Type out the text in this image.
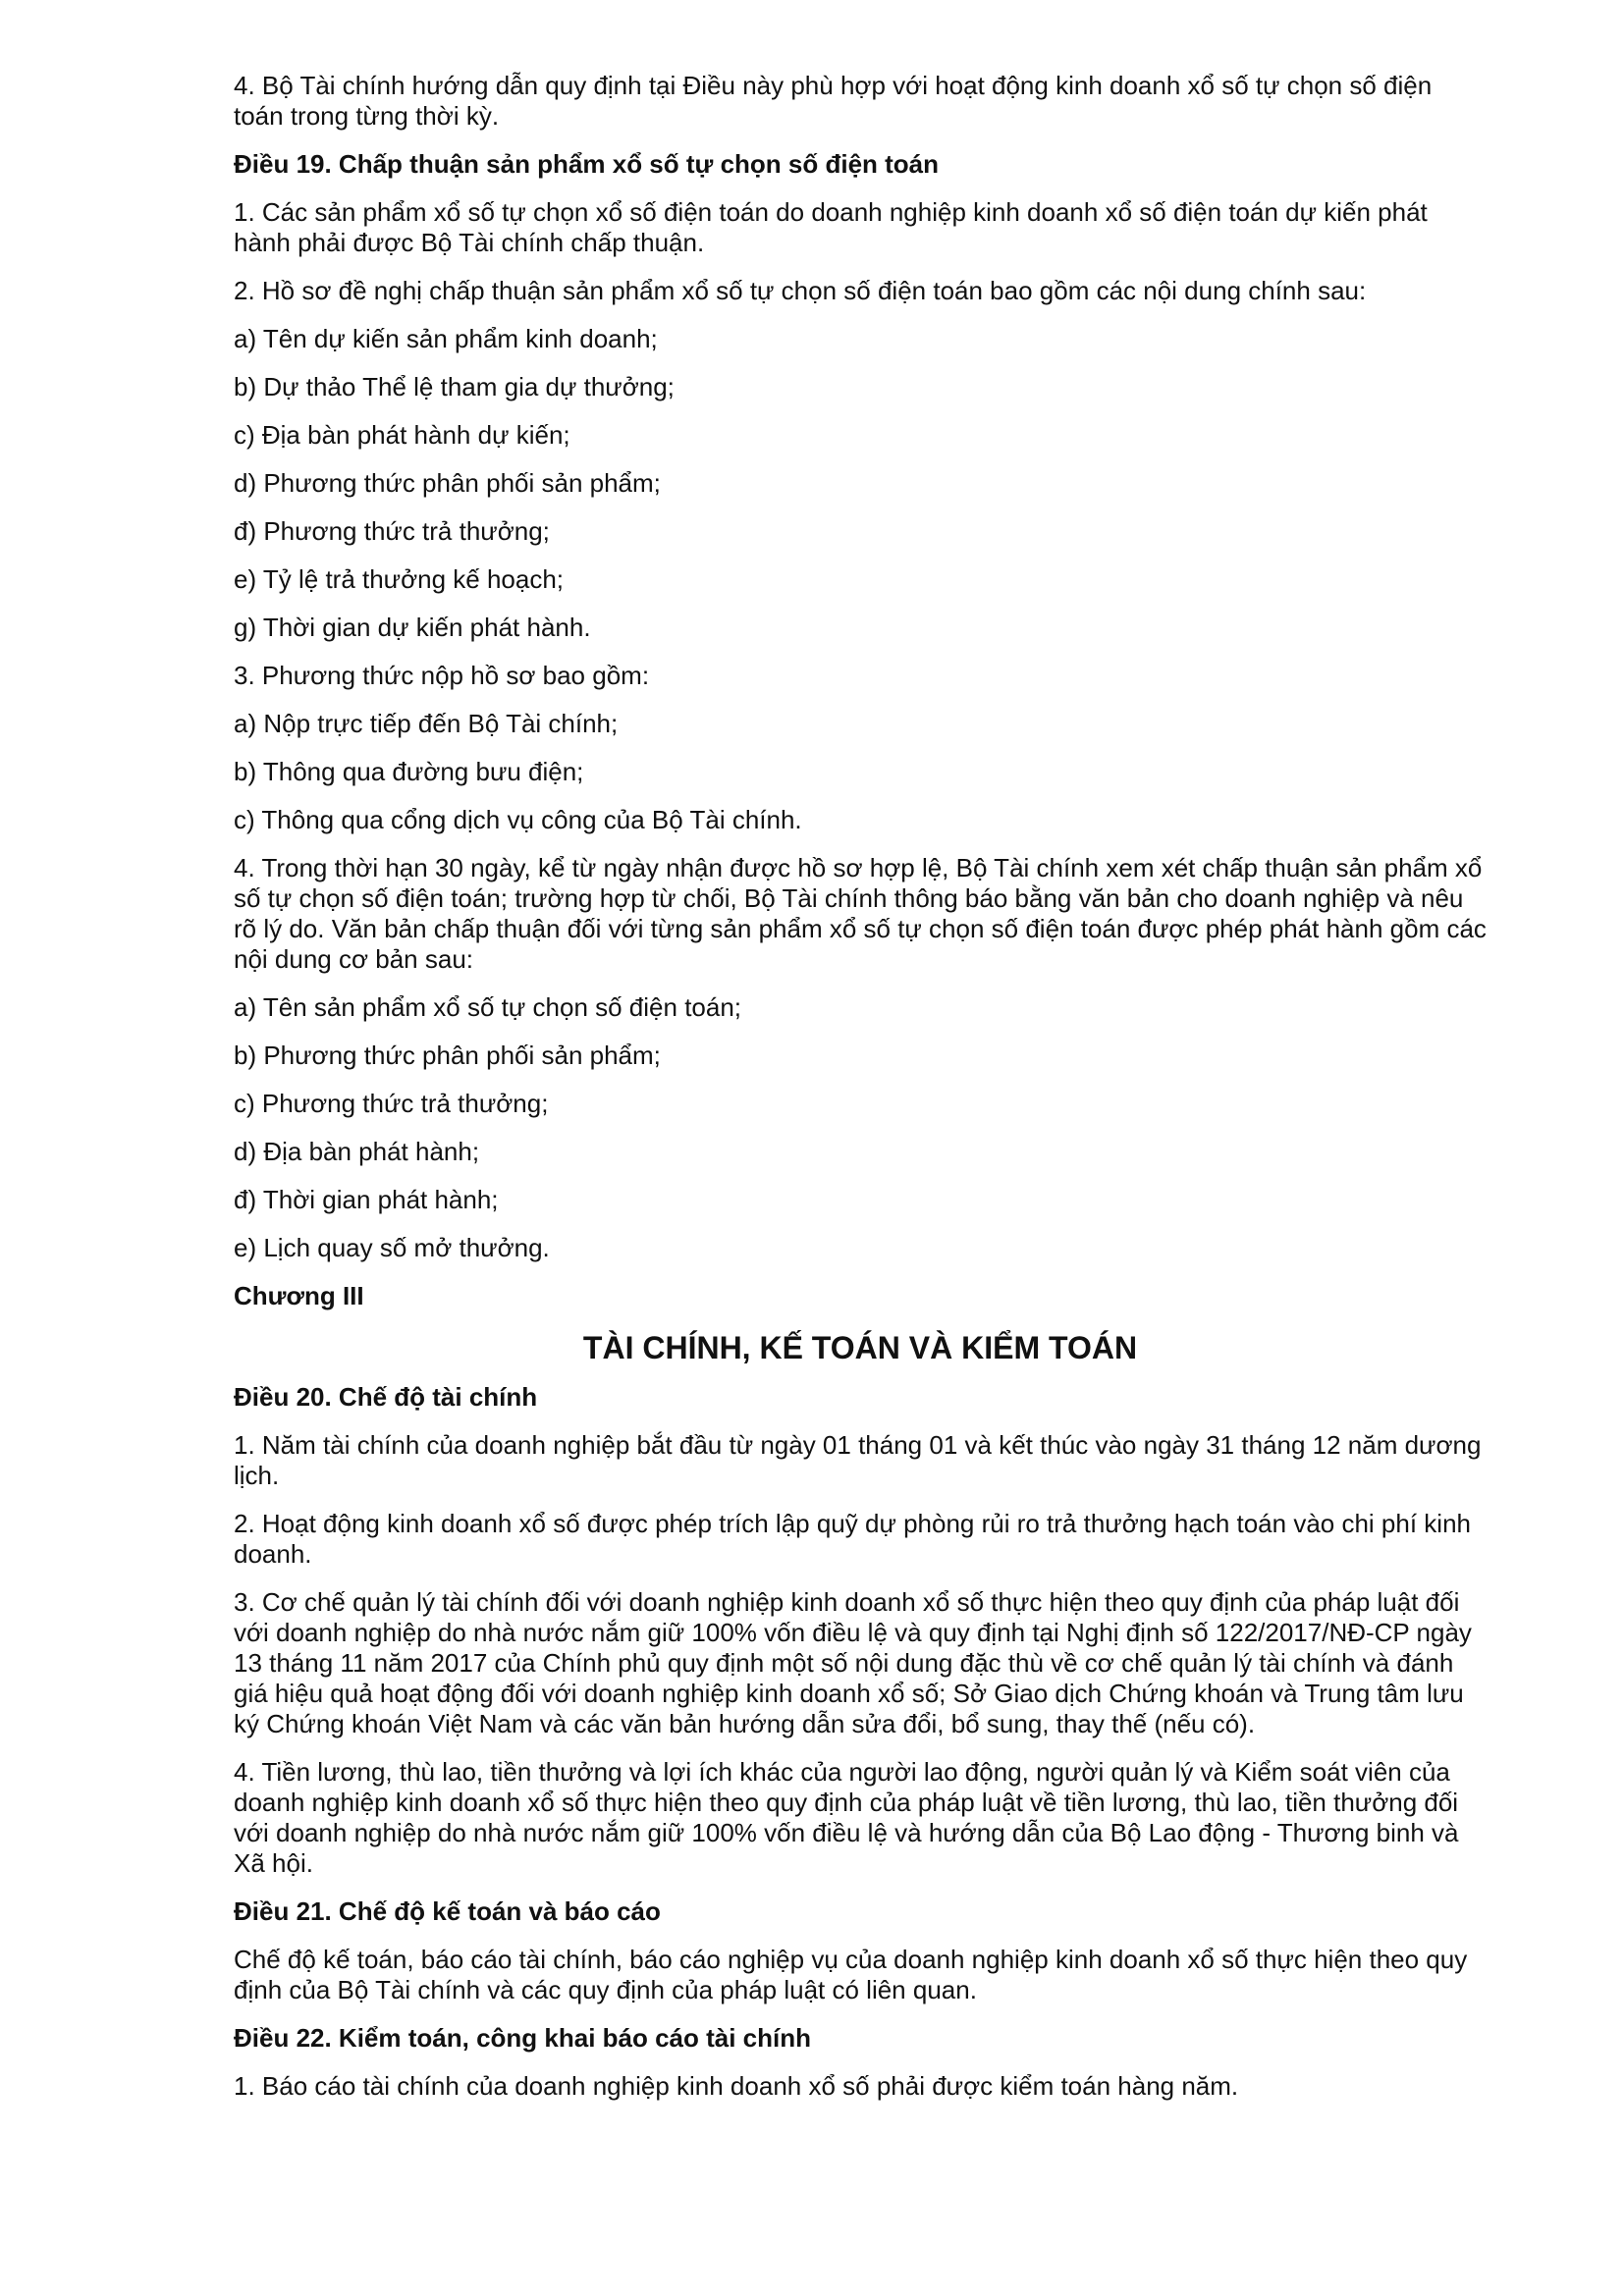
4. Bộ Tài chính hướng dẫn quy định tại Điều này phù hợp với hoạt động kinh doanh xổ số tự chọn số điện toán trong từng thời kỳ.
Điều 19. Chấp thuận sản phẩm xổ số tự chọn số điện toán
1. Các sản phẩm xổ số tự chọn xổ số điện toán do doanh nghiệp kinh doanh xổ số điện toán dự kiến phát hành phải được Bộ Tài chính chấp thuận.
2. Hồ sơ đề nghị chấp thuận sản phẩm xổ số tự chọn số điện toán bao gồm các nội dung chính sau:
a) Tên dự kiến sản phẩm kinh doanh;
b) Dự thảo Thể lệ tham gia dự thưởng;
c) Địa bàn phát hành dự kiến;
d) Phương thức phân phối sản phẩm;
đ) Phương thức trả thưởng;
e) Tỷ lệ trả thưởng kế hoạch;
g) Thời gian dự kiến phát hành.
3. Phương thức nộp hồ sơ bao gồm:
a) Nộp trực tiếp đến Bộ Tài chính;
b) Thông qua đường bưu điện;
c) Thông qua cổng dịch vụ công của Bộ Tài chính.
4. Trong thời hạn 30 ngày, kể từ ngày nhận được hồ sơ hợp lệ, Bộ Tài chính xem xét chấp thuận sản phẩm xổ số tự chọn số điện toán; trường hợp từ chối, Bộ Tài chính thông báo bằng văn bản cho doanh nghiệp và nêu rõ lý do. Văn bản chấp thuận đối với từng sản phẩm xổ số tự chọn số điện toán được phép phát hành gồm các nội dung cơ bản sau:
a) Tên sản phẩm xổ số tự chọn số điện toán;
b) Phương thức phân phối sản phẩm;
c) Phương thức trả thưởng;
d) Địa bàn phát hành;
đ) Thời gian phát hành;
e) Lịch quay số mở thưởng.
Chương III
TÀI CHÍNH, KẾ TOÁN VÀ KIỂM TOÁN
Điều 20. Chế độ tài chính
1. Năm tài chính của doanh nghiệp bắt đầu từ ngày 01 tháng 01 và kết thúc vào ngày 31 tháng 12 năm dương lịch.
2. Hoạt động kinh doanh xổ số được phép trích lập quỹ dự phòng rủi ro trả thưởng hạch toán vào chi phí kinh doanh.
3. Cơ chế quản lý tài chính đối với doanh nghiệp kinh doanh xổ số thực hiện theo quy định của pháp luật đối với doanh nghiệp do nhà nước nắm giữ 100% vốn điều lệ và quy định tại Nghị định số 122/2017/NĐ-CP ngày 13 tháng 11 năm 2017 của Chính phủ quy định một số nội dung đặc thù về cơ chế quản lý tài chính và đánh giá hiệu quả hoạt động đối với doanh nghiệp kinh doanh xổ số; Sở Giao dịch Chứng khoán và Trung tâm lưu ký Chứng khoán Việt Nam và các văn bản hướng dẫn sửa đổi, bổ sung, thay thế (nếu có).
4. Tiền lương, thù lao, tiền thưởng và lợi ích khác của người lao động, người quản lý và Kiểm soát viên của doanh nghiệp kinh doanh xổ số thực hiện theo quy định của pháp luật về tiền lương, thù lao, tiền thưởng đối với doanh nghiệp do nhà nước nắm giữ 100% vốn điều lệ và hướng dẫn của Bộ Lao động - Thương binh và Xã hội.
Điều 21. Chế độ kế toán và báo cáo
Chế độ kế toán, báo cáo tài chính, báo cáo nghiệp vụ của doanh nghiệp kinh doanh xổ số thực hiện theo quy định của Bộ Tài chính và các quy định của pháp luật có liên quan.
Điều 22. Kiểm toán, công khai báo cáo tài chính
1. Báo cáo tài chính của doanh nghiệp kinh doanh xổ số phải được kiểm toán hàng năm.
